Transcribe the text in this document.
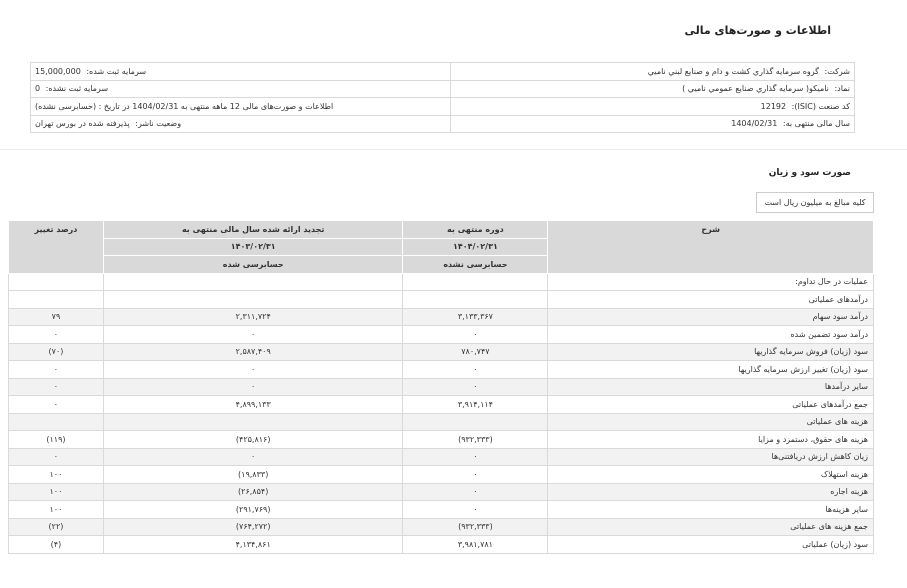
اطلاعات و صورت‌های مالی
شرکت: گروه سرمايه گذاري كشت و دام و صنايع لبني ناميي	سرمایه ثبت شده: 15,000,000
نماد: ناميکو( سرمايه گذاري صنايع عمومي ناميي )	سرمایه ثبت نشده: 0
کد صنعت (ISIC): 12192	اطلاعات و صورت‌های مالی 12 ماهه منتهی به 1404/02/31 در تاریخ : (حسابرسی نشده)
سال مالی منتهی به: 1404/02/31	وضعیت ناشر: پذیرفته شده در بورس تهران
صورت سود و زیان
کلیه مبالغ به میلیون ریال است
شرح	دوره منتهی به	تجدید ارائه شده سال مالی منتهی به	درصد تغییر
	۱۴۰۴/۰۲/۳۱	۱۴۰۳/۰۲/۳۱	
	حسابرسی نشده	حسابرسی شده	
عملیات در حال تداوم:			
درآمدهای عملیاتی			
درآمد سود سهام	۳,۱۳۳,۳۶۷	۲,۳۱۱,۷۲۴	۷۹
درآمد سود تضمین شده	۰	۰	۰
سود (زیان) فروش سرمایه گذاریها	۷۸۰,۷۴۷	۲,۵۸۷,۴۰۹	(۷۰)
سود (زیان) تغییر ارزش سرمایه گذاریها	۰	۰	۰
سایر درآمدها	۰	۰	۰
جمع درآمدهای عملیاتی	۳,۹۱۴,۱۱۴	۴,۸۹۹,۱۳۳	۰
هزینه های عملیاتی			
هزینه های حقوق، دستمزد و مزایا	(۹۳۲,۳۳۳)	(۴۲۵,۸۱۶)	(۱۱۹)
زیان کاهش ارزش دریافتنی‌ها	۰	۰	۰
هزینه استهلاک	۰	(۱۹,۸۳۳)	۱۰۰
هزینه اجاره	۰	(۲۶,۸۵۴)	۱۰۰
سایر هزینه‌ها	۰	(۲۹۱,۷۶۹)	۱۰۰
جمع هزینه های عملیاتی	(۹۳۲,۳۳۳)	(۷۶۴,۲۷۲)	(۲۲)
سود (زیان) عملیاتی	۳,۹۸۱,۷۸۱	۴,۱۳۴,۸۶۱	(۴)
